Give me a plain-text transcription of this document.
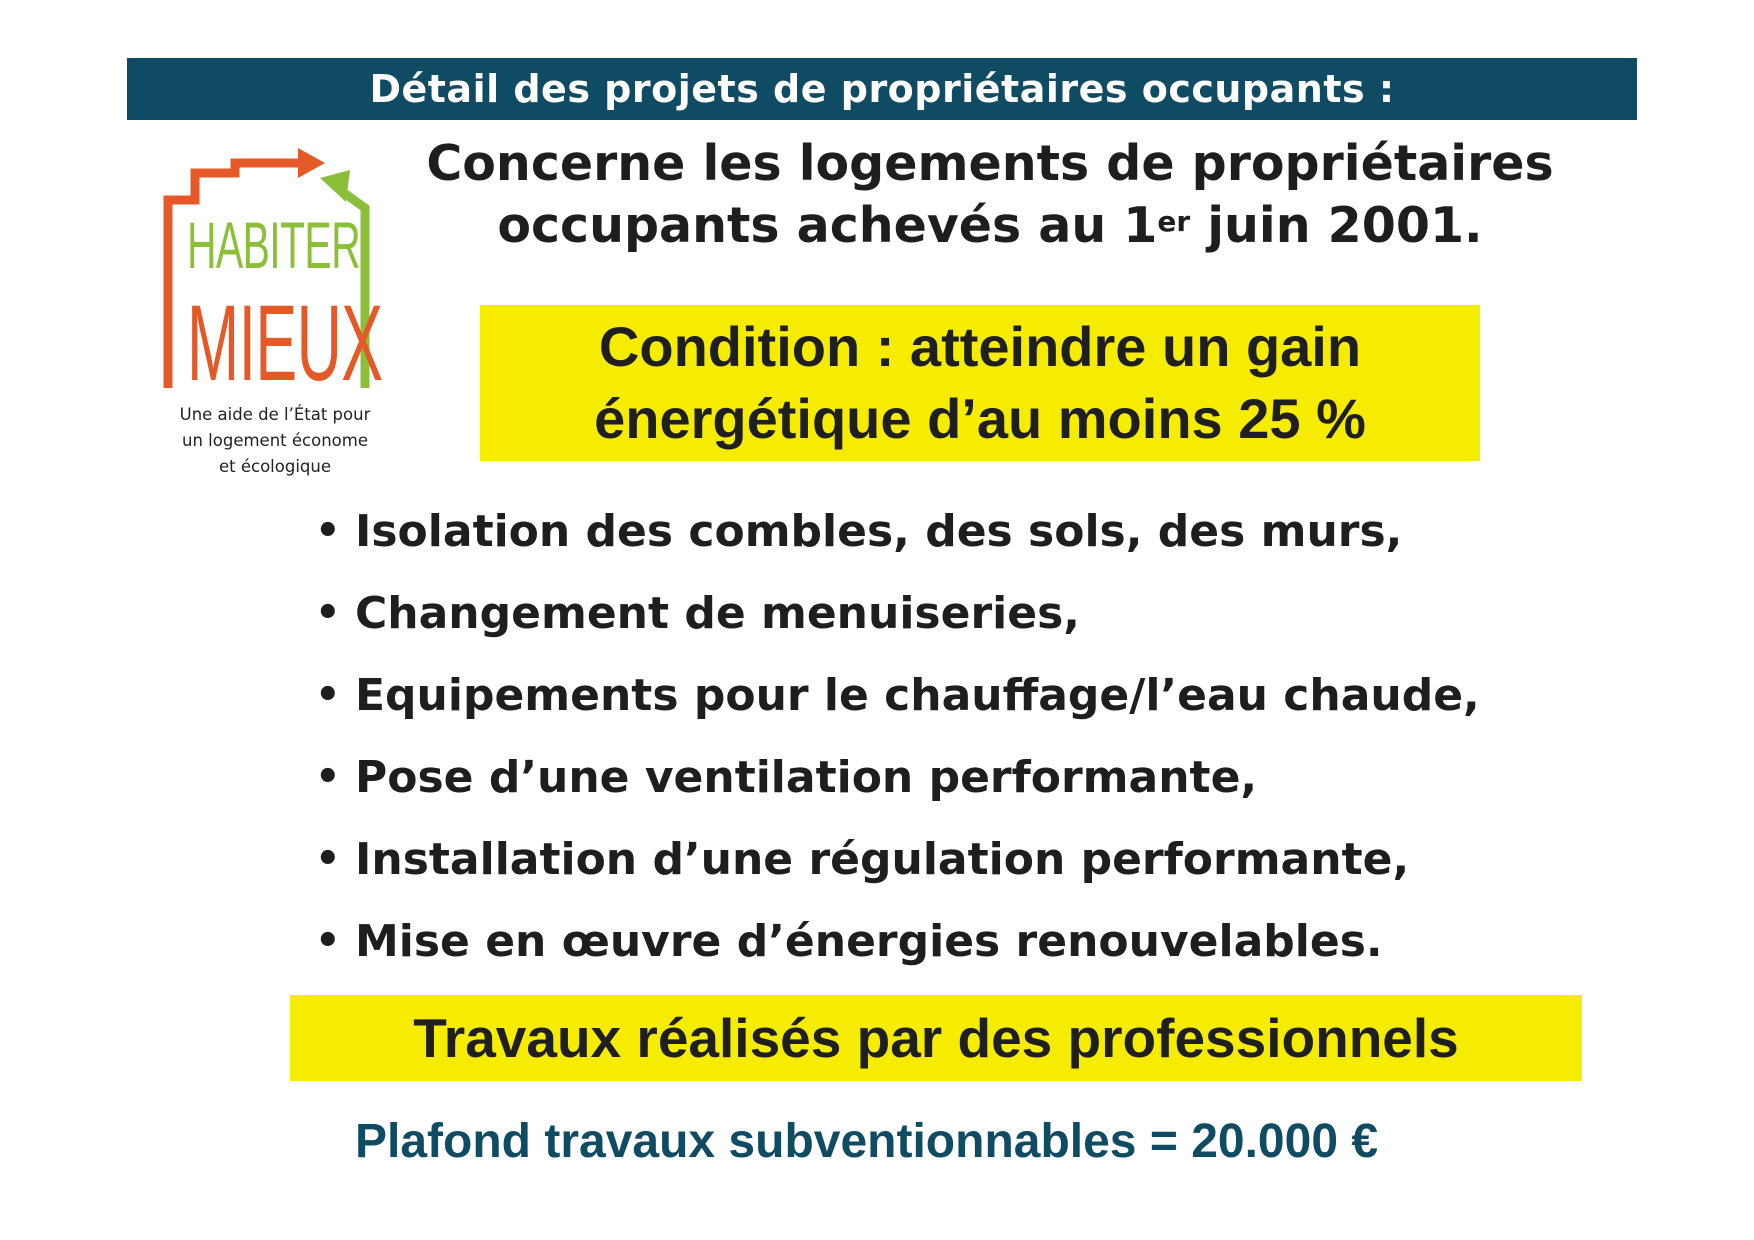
Détail des projets de propriétaires occupants :
HABITER
MIEUX
Une aide de l’État pour
un logement économe
et écologique
Concerne les logements de propriétaires
occupants achevés au 1er juin 2001.
Condition : atteindre un gain
énergétique d’au moins 25 %
• Isolation des combles, des sols, des murs,
• Changement de menuiseries,
• Equipements pour le chauffage/l’eau chaude,
• Pose d’une ventilation performante,
• Installation d’une régulation performante,
• Mise en œuvre d’énergies renouvelables.
Travaux réalisés par des professionnels
Plafond travaux subventionnables = 20.000 €
